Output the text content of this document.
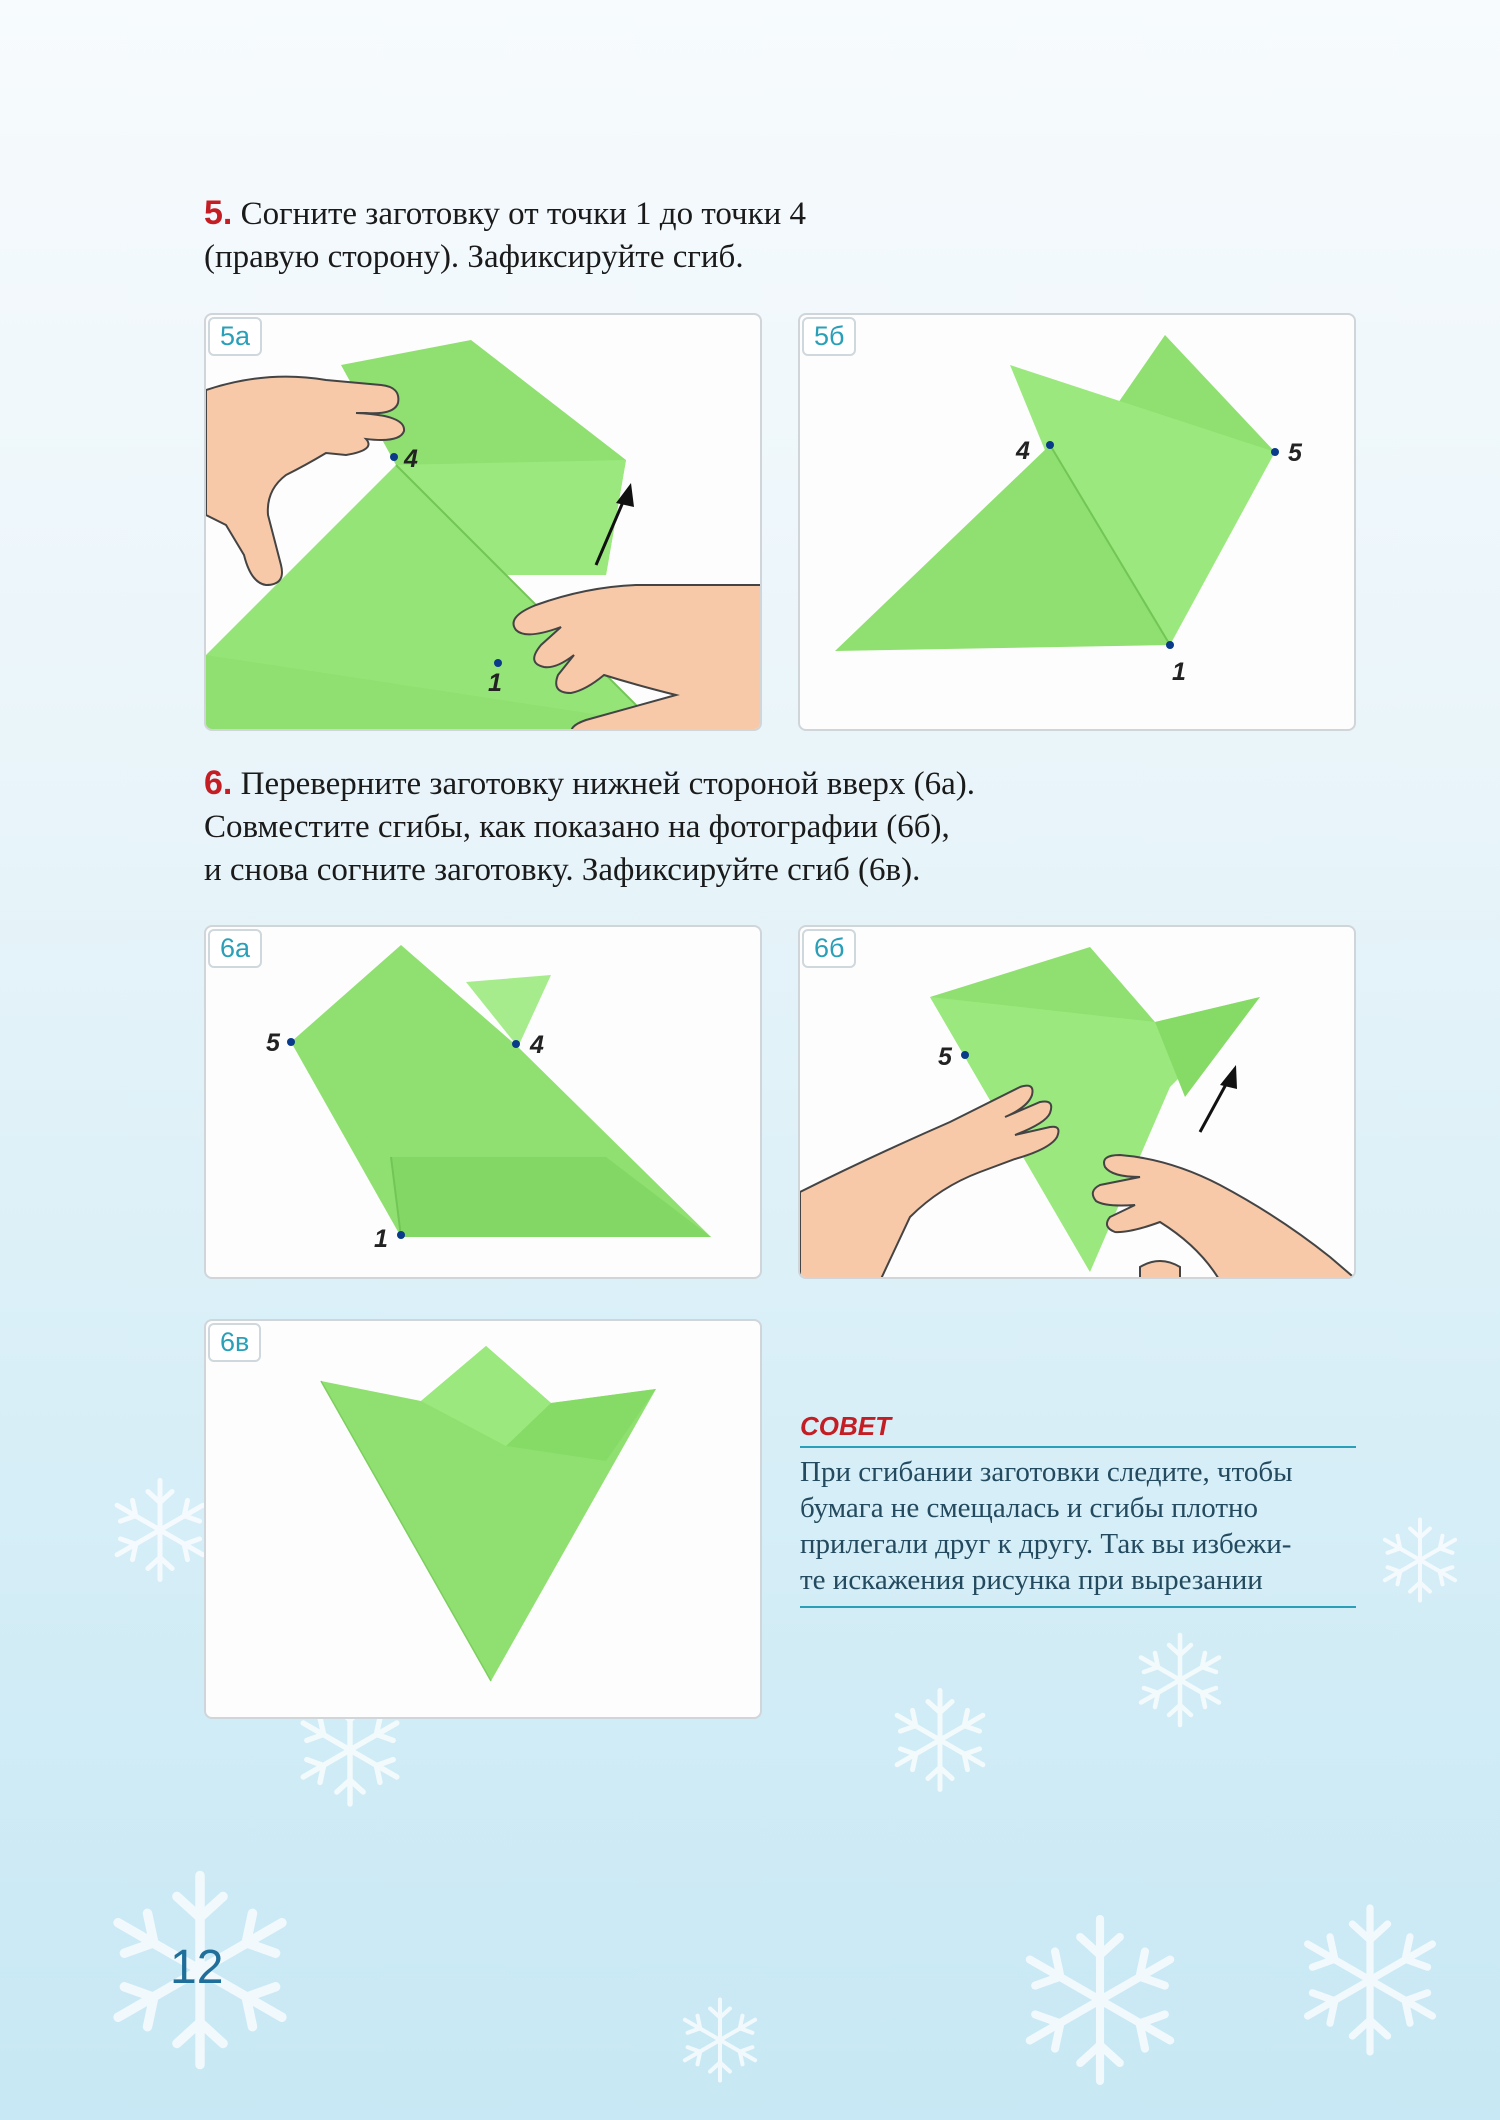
5. Согните заготовку от точки 1 до точки 4
(правую сторону). Зафиксируйте сгиб.
5а
4
1
5б
4	5
1
6. Переверните заготовку нижней стороной вверх (6а).
Совместите сгибы, как показано на фотографии (6б),
и снова согните заготовку. Зафиксируйте сгиб (6в).
6а
5	4
1
6б
5
6в
СОВЕТ
При сгибании заготовки следите, чтобы
бумага не смещалась и сгибы плотно
прилегали друг к другу. Так вы избежи-
те искажения рисунка при вырезании
12
